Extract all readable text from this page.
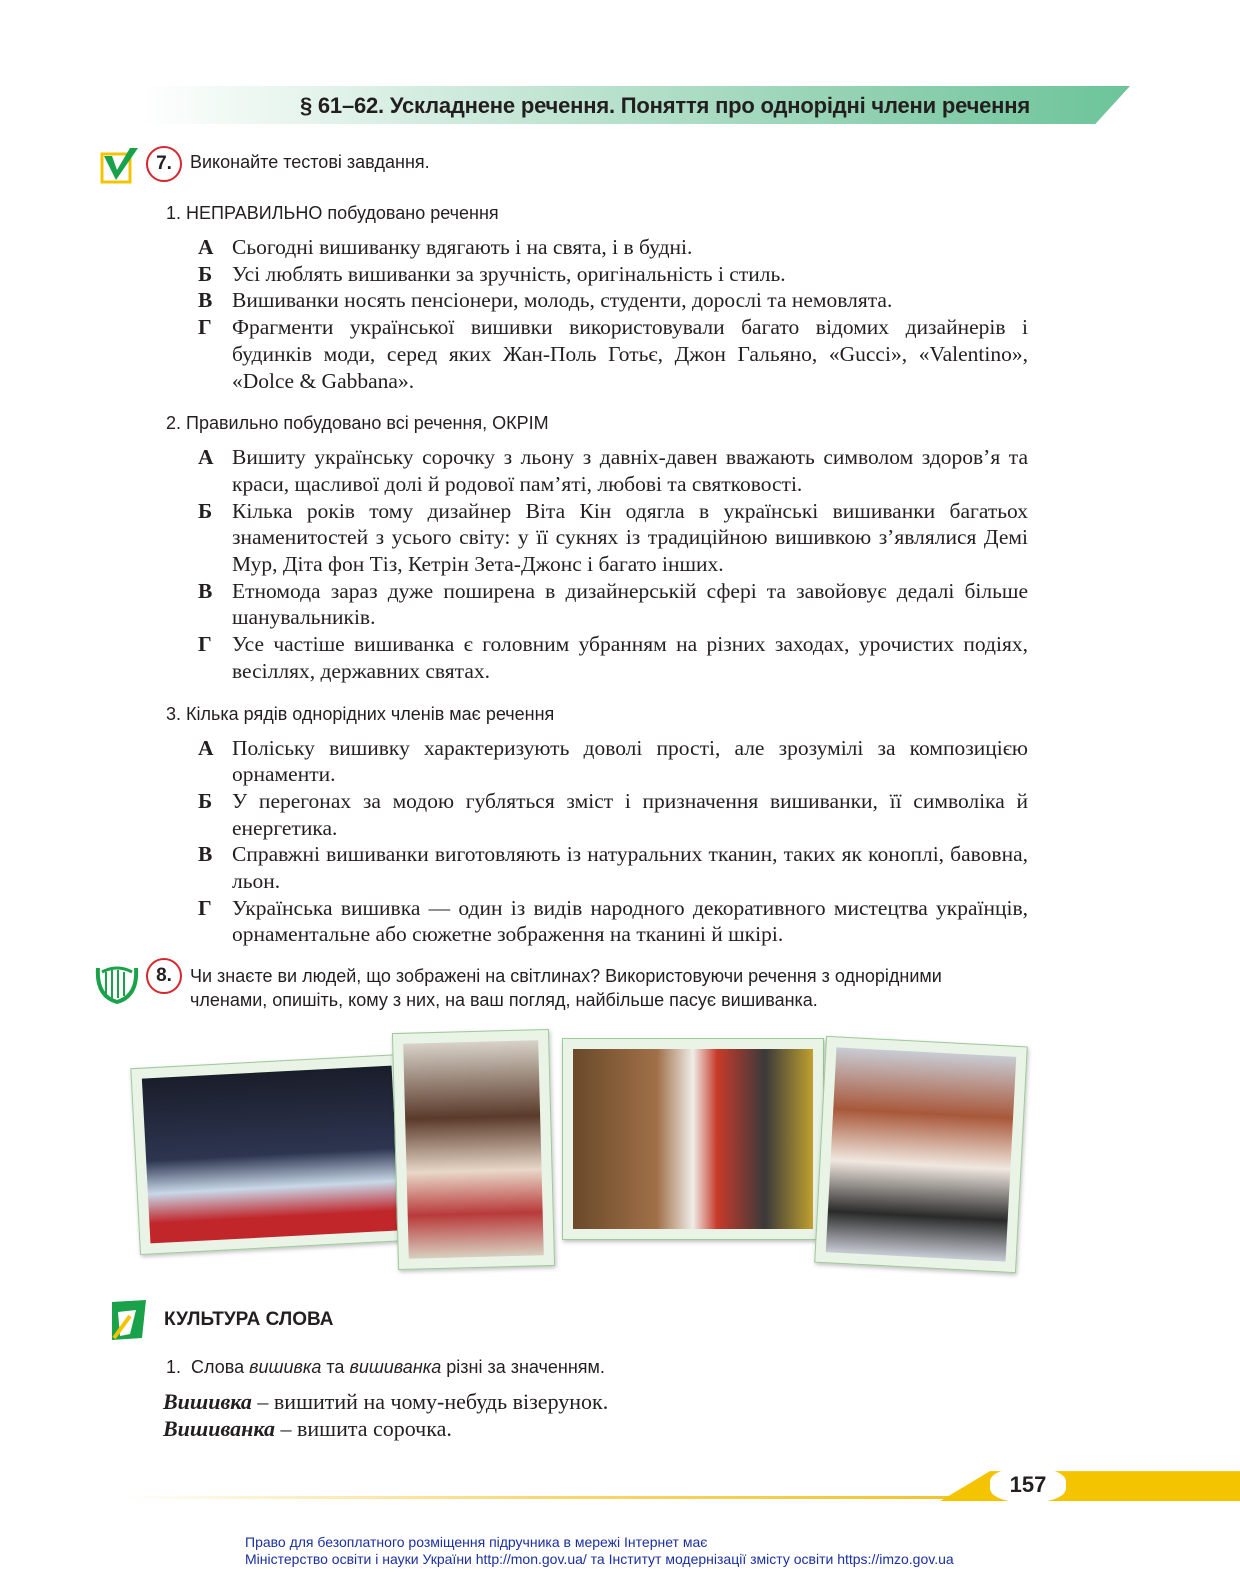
§ 61–62. Ускладнене речення. Поняття про однорідні члени речення
7.	Виконайте тестові завдання.
1. НЕПРАВИЛЬНО побудовано речення
А Сьогодні вишиванку вдягають і на свята, і в будні.
Б Усі люблять вишиванки за зручність, оригінальність і стиль.
В Вишиванки носять пенсіонери, молодь, студенти, дорослі та немовлята.
Г Фрагменти української вишивки використовували багато відомих дизайнерів і будинків моди, серед яких Жан-Поль Готьє, Джон Гальяно, «Gucci», «Valentino», «Dolce & Gabbana».
2. Правильно побудовано всі речення, ОКРІМ
А Вишиту українську сорочку з льону з давніх-давен вважають символом здоров’я та краси, щасливої долі й родової пам’яті, любові та святковості.
Б Кілька років тому дизайнер Віта Кін одягла в українські вишиванки багатьох знаменитостей з усього світу: у її сукнях із традиційною вишивкою з’являлися Демі Мур, Діта фон Тіз, Кетрін Зета-Джонс і багато інших.
В Етномода зараз дуже поширена в дизайнерській сфері та завойовує дедалі більше шанувальників.
Г Усе частіше вишиванка є головним убранням на різних заходах, урочистих подіях, весіллях, державних святах.
3. Кілька рядів однорідних членів має речення
А Поліську вишивку характеризують доволі прості, але зрозумілі за композицією орнаменти.
Б У перегонах за модою губляться зміст і призначення вишиванки, її символіка й енергетика.
В Справжні вишиванки виготовляють із натуральних тканин, таких як коноплі, бавовна, льон.
Г Українська вишивка — один із видів народного декоративного мистецтва українців, орнаментальне або сюжетне зображення на тканині й шкірі.
8.	Чи знаєте ви людей, що зображені на світлинах? Використовуючи речення з однорідними членами, опишіть, кому з них, на ваш погляд, найбільше пасує вишиванка.
КУЛЬТУРА СЛОВА
1. Слова вишивка та вишиванка різні за значенням.
Вишивка – вишитий на чому-небудь візерунок.
Вишиванка – вишита сорочка.
157
Право для безоплатного розміщення підручника в мережі Інтернет має
Міністерство освіти і науки України http://mon.gov.ua/ та Інститут модернізації змісту освіти https://imzo.gov.ua
